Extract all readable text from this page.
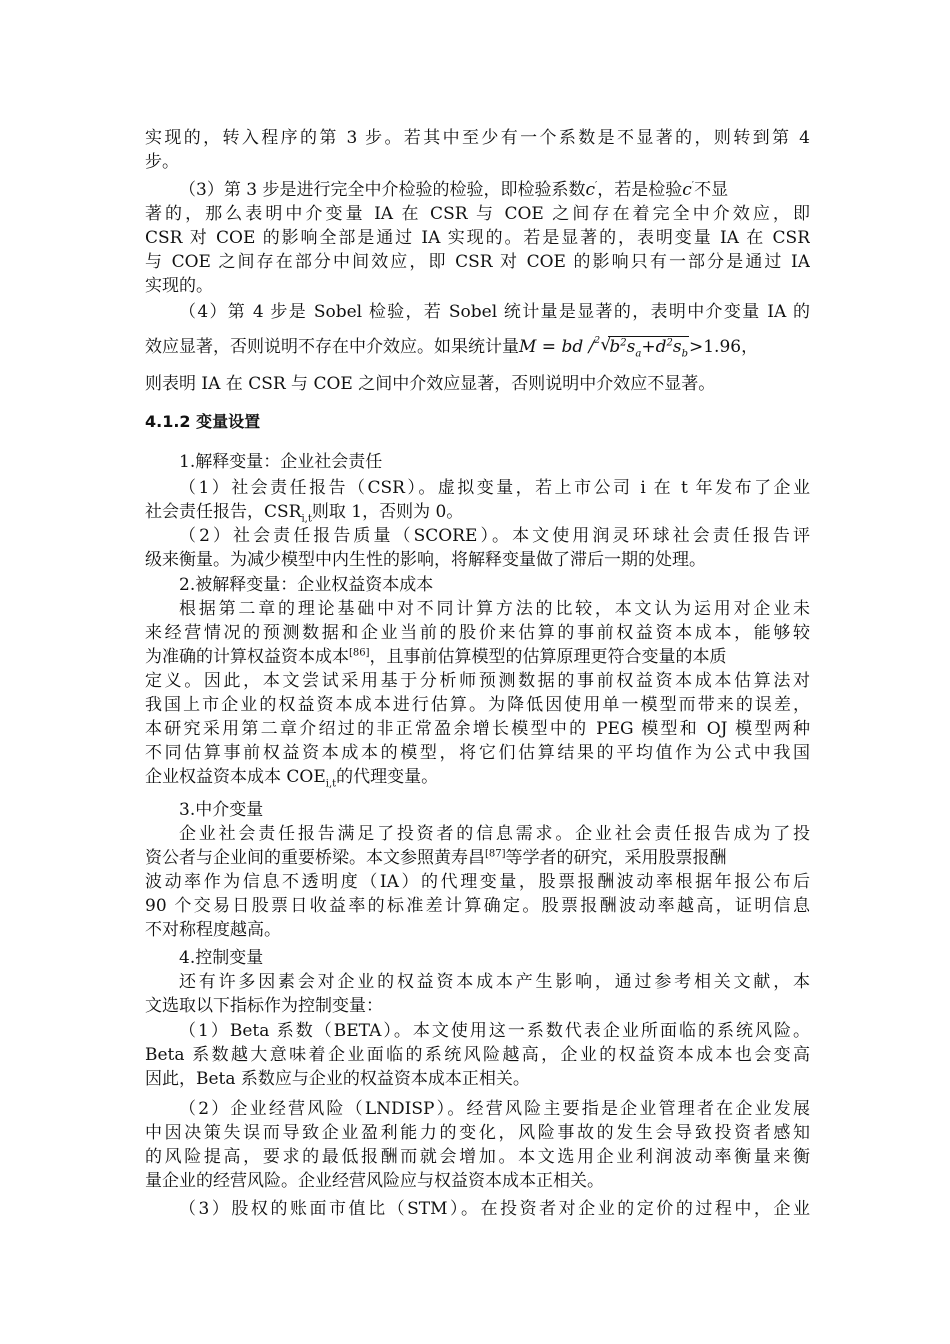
实现的，转入程序的第 3 步。若其中至少有一个系数是不显著的，则转到第 4
步。
（3）第 3 步是进行完全中介检验的检验，即检验系数c′，若是检验c′不显
著的，那么表明中介变量 IA 在 CSR 与 COE 之间存在着完全中介效应，即
CSR 对 COE 的影响全部是通过 IA 实现的。若是显著的，表明变量 IA 在 CSR
与 COE 之间存在部分中间效应，即 CSR 对 COE 的影响只有一部分是通过 IA
实现的。
（4）第 4 步是 Sobel 检验，若 Sobel 统计量是显著的，表明中介变量 IA 的
效应显著，否则说明不存在中介效应。如果统计量M = bd / 2 √
$b^2s_a+d^2s_b>1.96$，
则表明 IA 在 CSR 与 COE 之间中介效应显著，否则说明中介效应不显著。
4.1.2 变量设置
1.解释变量：企业社会责任
（1）社会责任报告（CSR）。虚拟变量，若上市公司 i 在 t 年发布了企业
社会责任报告，$CSR_{i,t}$则取 1，否则为 0。
（2）社会责任报告质量（SCORE）。本文使用润灵环球社会责任报告评
级来衡量。为减少模型中内生性的影响，将解释变量做了滞后一期的处理。
2.被解释变量：企业权益资本成本
根据第二章的理论基础中对不同计算方法的比较，本文认为运用对企业未
来经营情况的预测数据和企业当前的股价来估算的事前权益资本成本，能够较
为准确的计算权益资本成本[86]，且事前估算模型的估算原理更符合变量的本质
定义。因此，本文尝试采用基于分析师预测数据的事前权益资本成本估算法对
我国上市企业的权益资本成本进行估算。为降低因使用单一模型而带来的误差，
本研究采用第二章介绍过的非正常盈余增长模型中的 PEG 模型和 OJ 模型两种
不同估算事前权益资本成本的模型，将它们估算结果的平均值作为公式中我国
企业权益资本成本 $COE_{i,t}$的代理变量。
3.中介变量
企业社会责任报告满足了投资者的信息需求。企业社会责任报告成为了投
资公者与企业间的重要桥梁。本文参照黄寿昌[87]等学者的研究，采用股票报酬
波动率作为信息不透明度（IA）的代理变量，股票报酬波动率根据年报公布后
90 个交易日股票日收益率的标准差计算确定。股票报酬波动率越高，证明信息
不对称程度越高。
4.控制变量
还有许多因素会对企业的权益资本成本产生影响，通过参考相关文献，本
文选取以下指标作为控制变量：
（1）Beta 系数（BETA）。本文使用这一系数代表企业所面临的系统风险。
Beta 系数越大意味着企业面临的系统风险越高，企业的权益资本成本也会变高
因此，Beta 系数应与企业的权益资本成本正相关。
（2）企业经营风险（LNDISP）。经营风险主要指是企业管理者在企业发展
中因决策失误而导致企业盈利能力的变化，风险事故的发生会导致投资者感知
的风险提高，要求的最低报酬而就会增加。本文选用企业利润波动率衡量来衡
量企业的经营风险。企业经营风险应与权益资本成本正相关。
（3）股权的账面市值比（STM）。在投资者对企业的定价的过程中，企业
